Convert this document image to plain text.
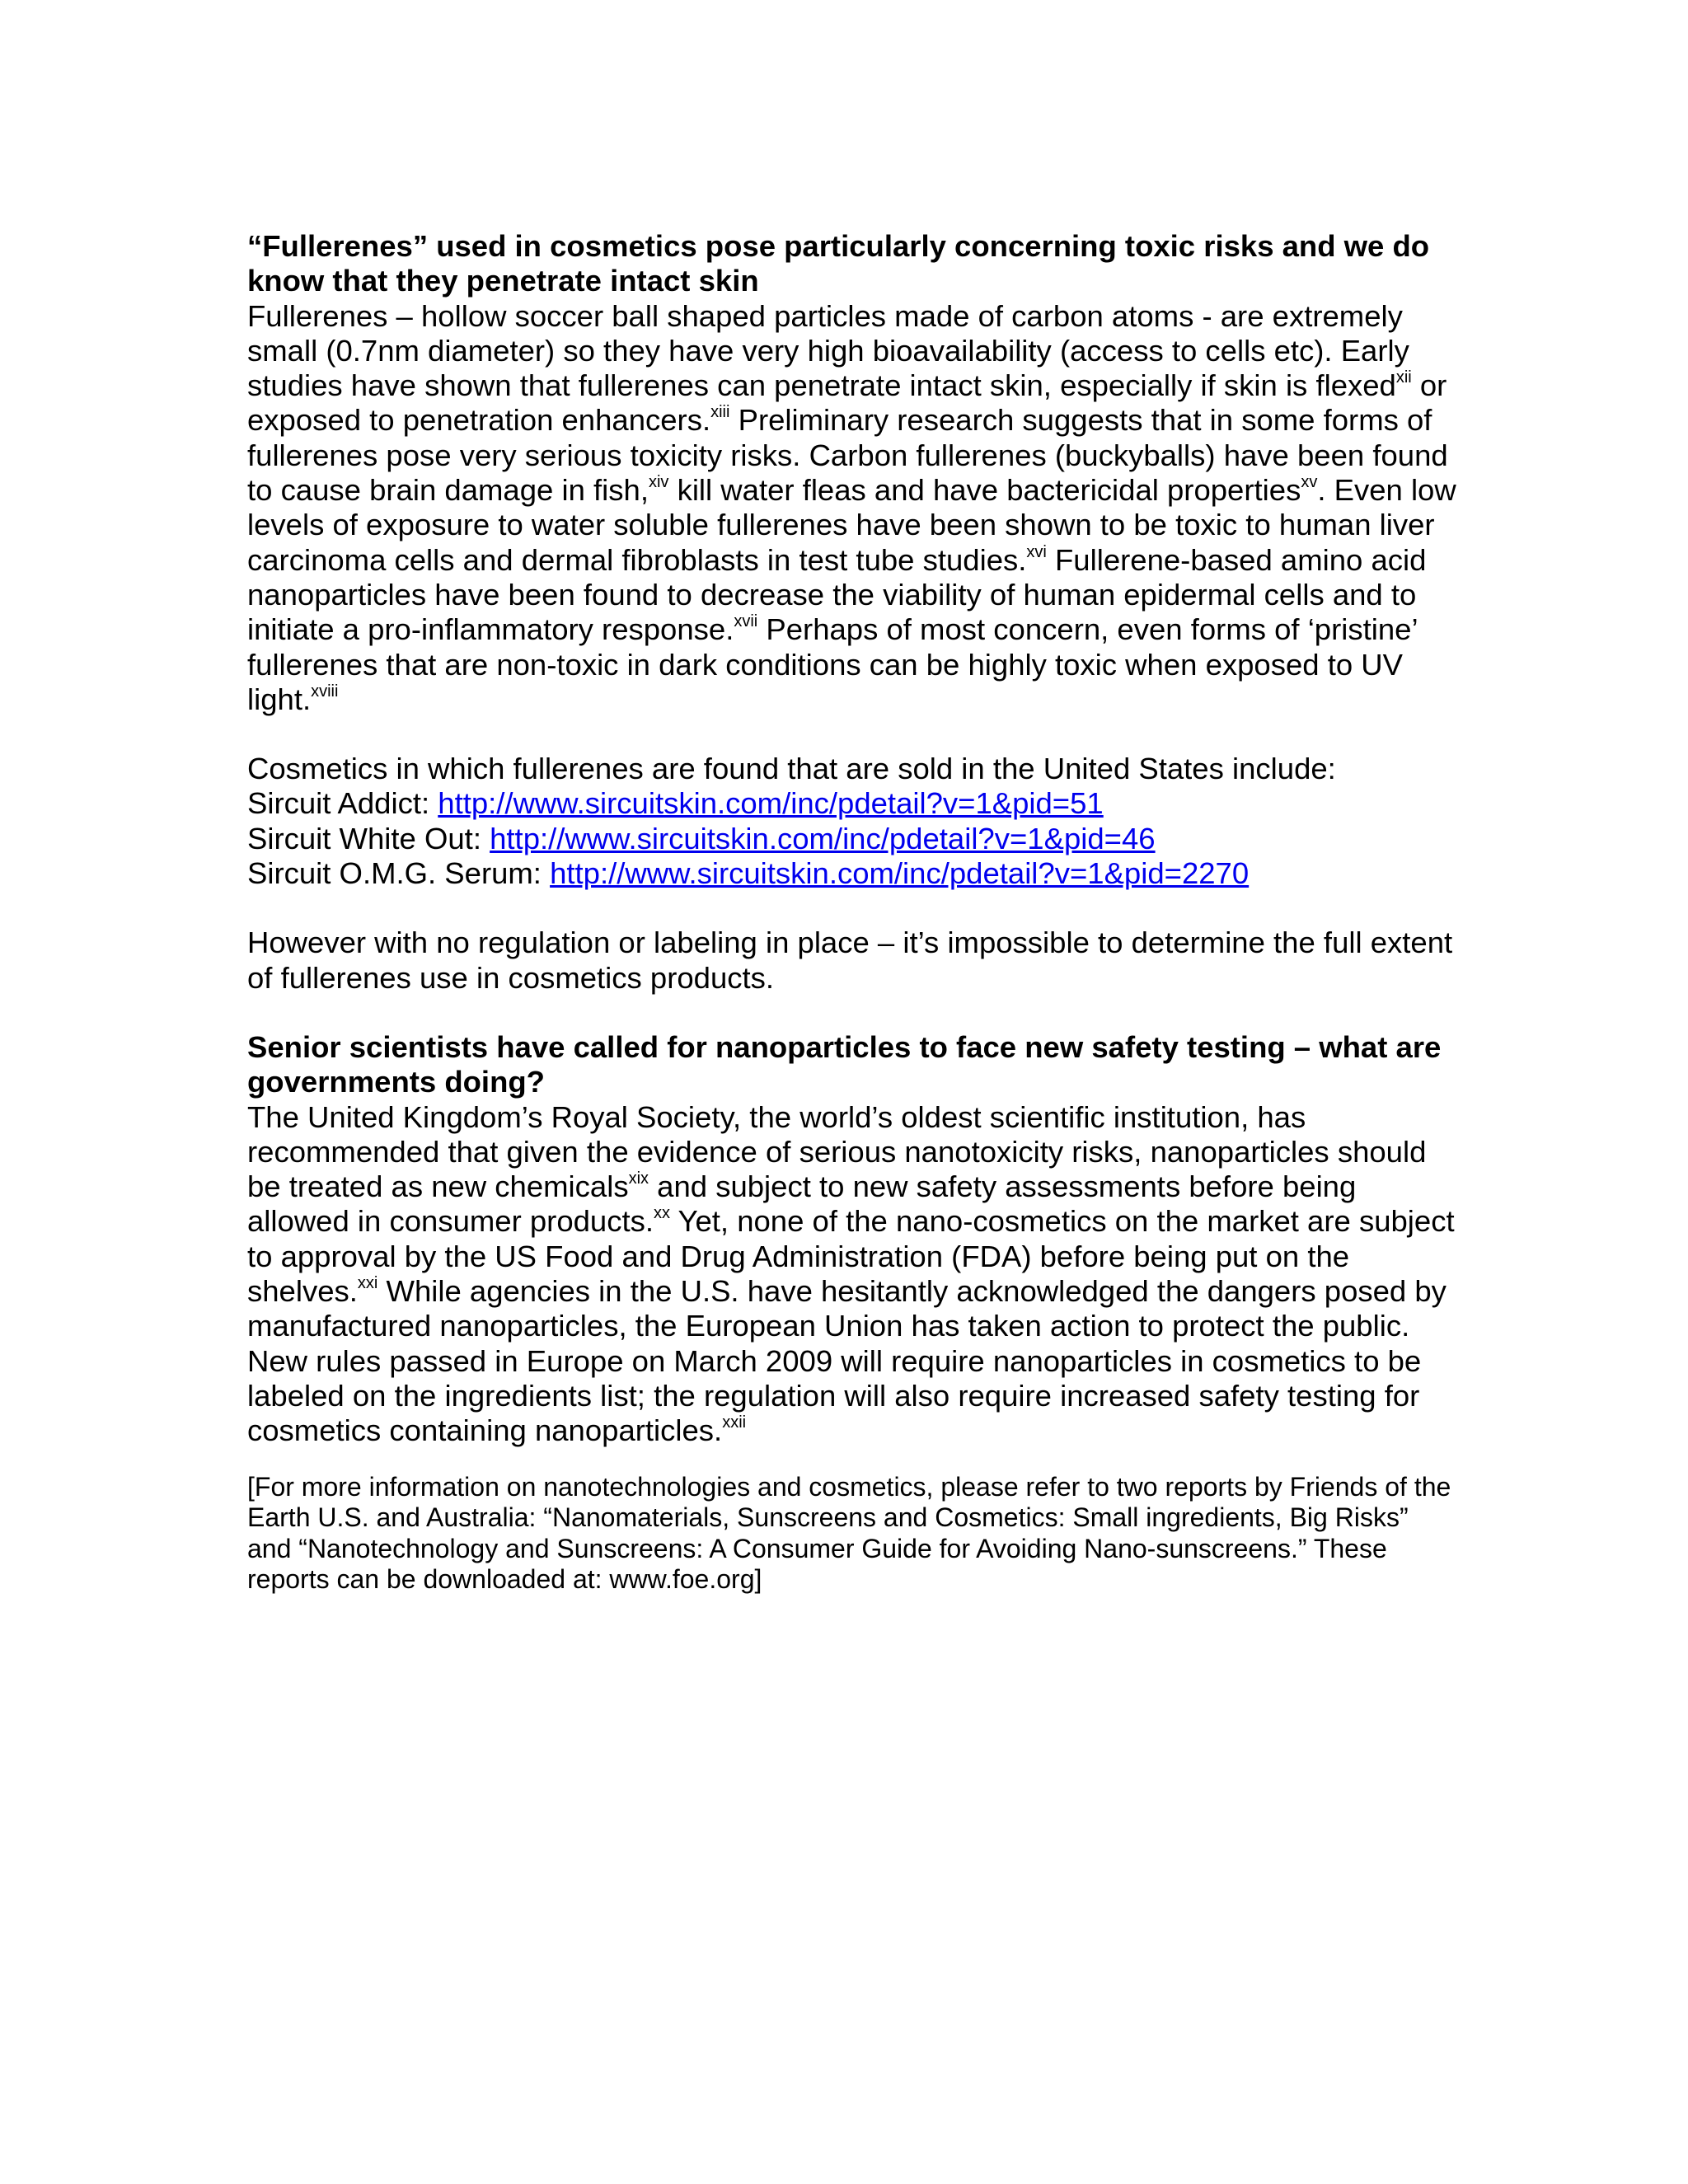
“Fullerenes” used in cosmetics pose particularly concerning toxic risks and we do know that they penetrate intact skin

Fullerenes – hollow soccer ball shaped particles made of carbon atoms - are extremely small (0.7nm diameter) so they have very high bioavailability (access to cells etc). Early studies have shown that fullerenes can penetrate intact skin, especially if skin is flexed$^{xii}$ or exposed to penetration enhancers.$^{xiii}$ Preliminary research suggests that in some forms of fullerenes pose very serious toxicity risks. Carbon fullerenes (buckyballs) have been found to cause brain damage in fish,$^{xiv}$ kill water fleas and have bactericidal properties$^{xv}$. Even low levels of exposure to water soluble fullerenes have been shown to be toxic to human liver carcinoma cells and dermal fibroblasts in test tube studies.$^{xvi}$ Fullerene-based amino acid nanoparticles have been found to decrease the viability of human epidermal cells and to initiate a pro-inflammatory response.$^{xvii}$ Perhaps of most concern, even forms of ‘pristine’ fullerenes that are non-toxic in dark conditions can be highly toxic when exposed to UV light.$^{xviii}$

Cosmetics in which fullerenes are found that are sold in the United States include:

Sircuit Addict: http://www.sircuitskin.com/inc/pdetail?v=1&pid=51

Sircuit White Out: http://www.sircuitskin.com/inc/pdetail?v=1&pid=46

Sircuit O.M.G. Serum: http://www.sircuitskin.com/inc/pdetail?v=1&pid=2270

However with no regulation or labeling in place – it’s impossible to determine the full extent of fullerenes use in cosmetics products.

Senior scientists have called for nanoparticles to face new safety testing – what are governments doing?

The United Kingdom’s Royal Society, the world’s oldest scientific institution, has recommended that given the evidence of serious nanotoxicity risks, nanoparticles should be treated as new chemicals$^{xix}$ and subject to new safety assessments before being allowed in consumer products.$^{xx}$ Yet, none of the nano-cosmetics on the market are subject to approval by the US Food and Drug Administration (FDA) before being put on the shelves.$^{xxi}$ While agencies in the U.S. have hesitantly acknowledged the dangers posed by manufactured nanoparticles, the European Union has taken action to protect the public. New rules passed in Europe on March 2009 will require nanoparticles in cosmetics to be labeled on the ingredients list; the regulation will also require increased safety testing for cosmetics containing nanoparticles.$^{xxii}$

[For more information on nanotechnologies and cosmetics, please refer to two reports by Friends of the Earth U.S. and Australia: “Nanomaterials, Sunscreens and Cosmetics: Small ingredients, Big Risks” and “Nanotechnology and Sunscreens: A Consumer Guide for Avoiding Nano-sunscreens.” These reports can be downloaded at: www.foe.org]
